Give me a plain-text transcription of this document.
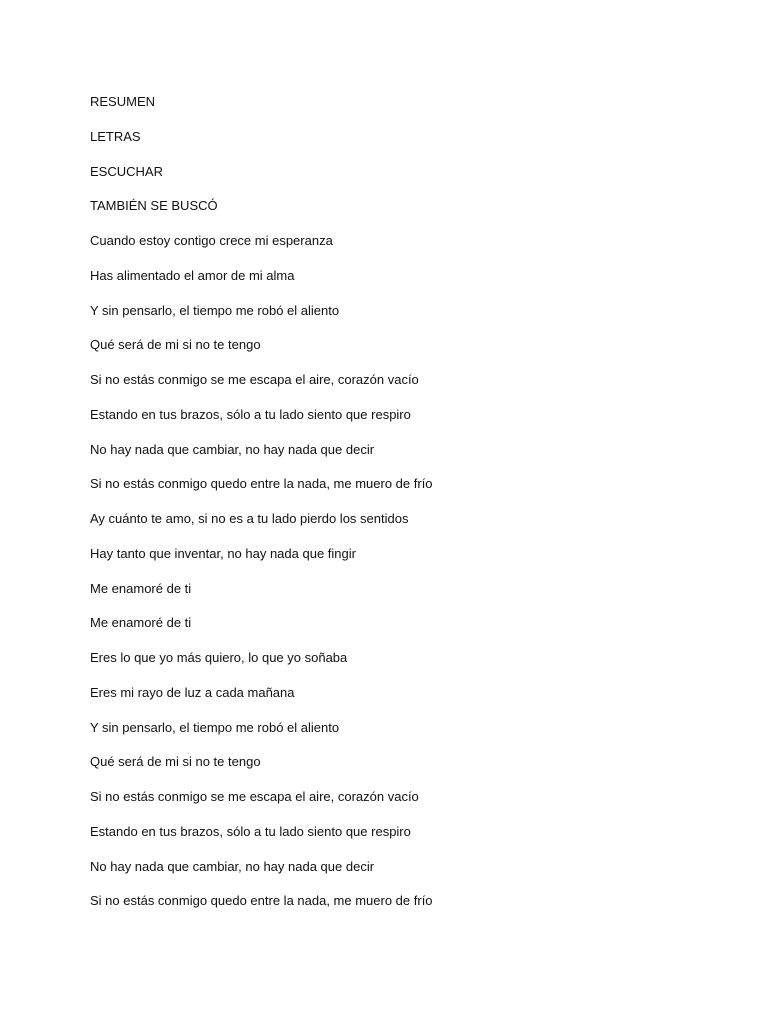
RESUMEN
LETRAS
ESCUCHAR
TAMBIÉN SE BUSCÓ
Cuando estoy contigo crece mi esperanza
Has alimentado el amor de mi alma
Y sin pensarlo, el tiempo me robó el aliento
Qué será de mi si no te tengo
Si no estás conmigo se me escapa el aire, corazón vacío
Estando en tus brazos, sólo a tu lado siento que respiro
No hay nada que cambiar, no hay nada que decir
Si no estás conmigo quedo entre la nada, me muero de frío
Ay cuánto te amo, si no es a tu lado pierdo los sentidos
Hay tanto que inventar, no hay nada que fingir
Me enamoré de ti
Me enamoré de ti
Eres lo que yo más quiero, lo que yo soñaba
Eres mi rayo de luz a cada mañana
Y sin pensarlo, el tiempo me robó el aliento
Qué será de mi si no te tengo
Si no estás conmigo se me escapa el aire, corazón vacío
Estando en tus brazos, sólo a tu lado siento que respiro
No hay nada que cambiar, no hay nada que decir
Si no estás conmigo quedo entre la nada, me muero de frío
